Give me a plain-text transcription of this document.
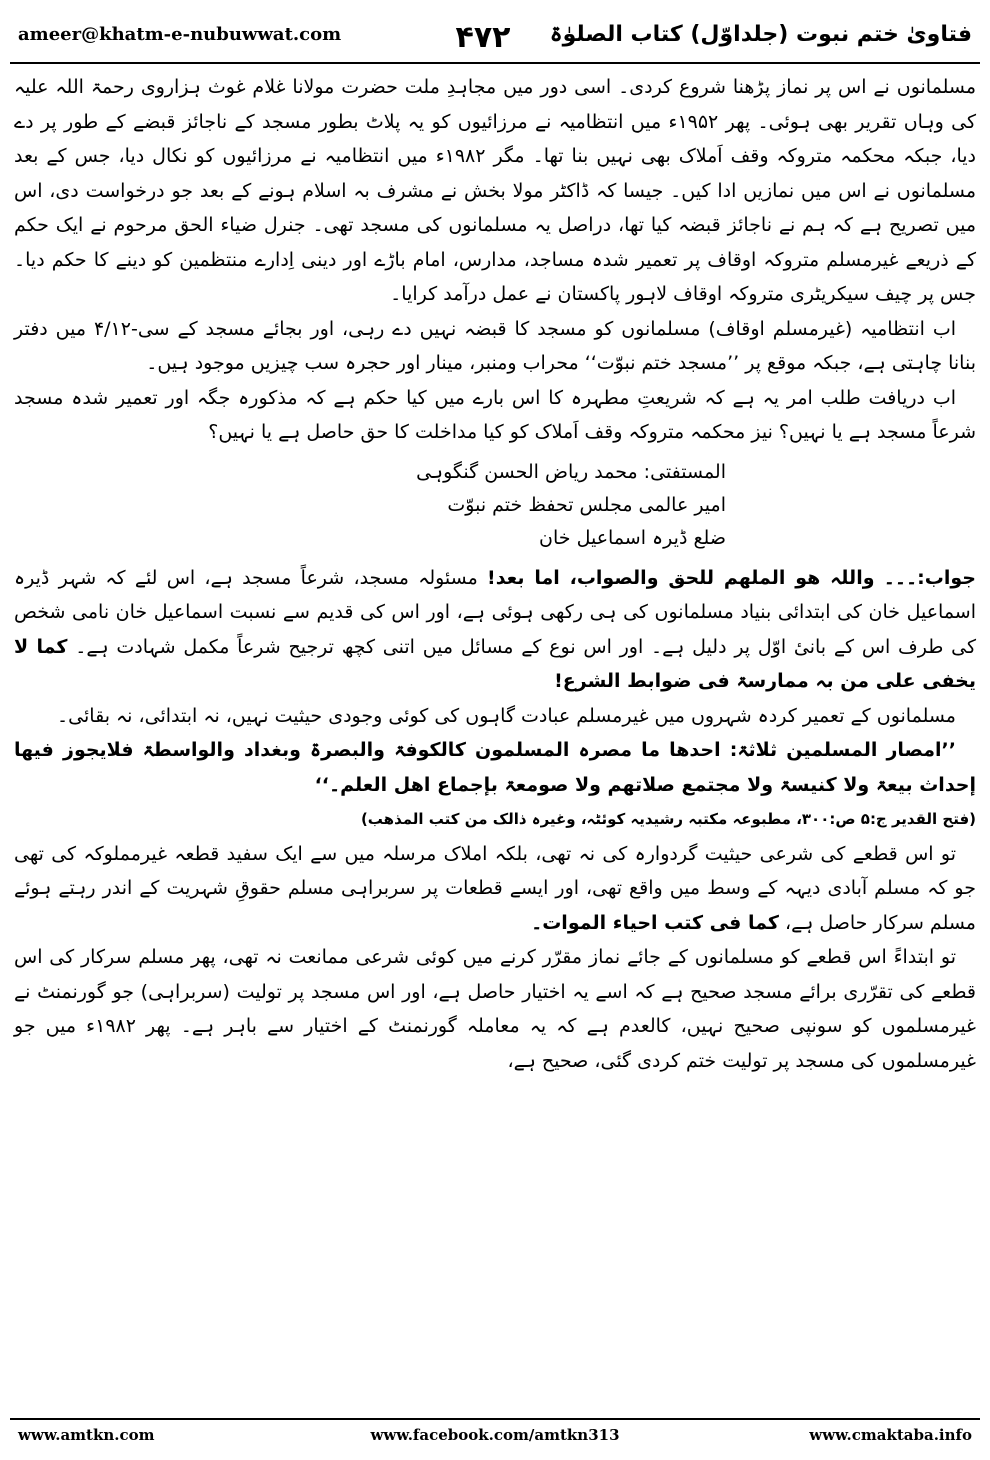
ameer@khatm-e-nubuwwat.com	۴۷۲	فتاویٰ ختم نبوت (جلداوّل) کتاب الصلوٰۃ

مسلمانوں نے اس پر نماز پڑھنا شروع کردی۔ اسی دور میں مجاہدِ ملت حضرت مولانا غلام غوث ہزاروی رحمۃ اللہ علیہ کی وہاں تقریر بھی ہوئی۔ پھر ۱۹۵۲ء میں انتظامیہ نے مرزائیوں کو یہ پلاٹ بطور مسجد کے ناجائز قبضے کے طور پر دے دیا، جبکہ محکمہ متروکہ وقف اَملاک بھی نہیں بنا تھا۔ مگر ۱۹۸۲ء میں انتظامیہ نے مرزائیوں کو نکال دیا، جس کے بعد مسلمانوں نے اس میں نمازیں ادا کیں۔ جیسا کہ ڈاکٹر مولا بخش نے مشرف بہ اسلام ہونے کے بعد جو درخواست دی، اس میں تصریح ہے کہ ہم نے ناجائز قبضہ کیا تھا، دراصل یہ مسلمانوں کی مسجد تھی۔ جنرل ضیاء الحق مرحوم نے ایک حکم کے ذریعے غیرمسلم متروکہ اوقاف پر تعمیر شدہ مساجد، مدارس، امام باڑے اور دینی اِدارے منتظمین کو دینے کا حکم دیا۔ جس پر چیف سیکریٹری متروکہ اوقاف لاہور پاکستان نے عمل درآمد کرایا۔

اب انتظامیہ (غیرمسلم اوقاف) مسلمانوں کو مسجد کا قبضہ نہیں دے رہی، اور بجائے مسجد کے سی-۴/۱۲ میں دفتر بنانا چاہتی ہے، جبکہ موقع پر ’’مسجد ختم نبوّت‘‘ محراب ومنبر، مینار اور حجرہ سب چیزیں موجود ہیں۔

اب دریافت طلب امر یہ ہے کہ شریعتِ مطہرہ کا اس بارے میں کیا حکم ہے کہ مذکورہ جگہ اور تعمیر شدہ مسجد شرعاً مسجد ہے یا نہیں؟ نیز محکمہ متروکہ وقف اَملاک کو کیا مداخلت کا حق حاصل ہے یا نہیں؟

المستفتی: محمد ریاض الحسن گنگوہی
امیر عالمی مجلس تحفظ ختم نبوّت
ضلع ڈیرہ اسماعیل خان

جواب:۔۔۔ واللہ ھو الملھم للحق والصواب، اما بعد! مسئولہ مسجد، شرعاً مسجد ہے، اس لئے کہ شہر ڈیرہ اسماعیل خان کی ابتدائی بنیاد مسلمانوں کی ہی رکھی ہوئی ہے، اور اس کی قدیم سے نسبت اسماعیل خان نامی شخص کی طرف اس کے بانیٔ اوّل پر دلیل ہے۔ اور اس نوع کے مسائل میں اتنی کچھ ترجیح شرعاً مکمل شہادت ہے۔ کما لا یخفی علی من بہ ممارسۃ فی ضوابط الشرع!

مسلمانوں کے تعمیر کردہ شہروں میں غیرمسلم عبادت گاہوں کی کوئی وجودی حیثیت نہیں، نہ ابتدائی، نہ بقائی۔

’’امصار المسلمین ثلاثۃ: احدھا ما مصرہ المسلمون کالکوفۃ والبصرۃ وبغداد والواسطۃ فلایجوز فیھا إحداث بیعۃ ولا کنیسۃ ولا مجتمع صلاتھم ولا صومعۃ بإجماع اھل العلم۔‘‘

(فتح القدیر ج:۵ ص:۳۰۰، مطبوعہ مکتبہ رشیدیہ کوئٹہ، وغیرہ ذالک من کتب المذھب)

تو اس قطعے کی شرعی حیثیت گردوارہ کی نہ تھی، بلکہ املاک مرسلہ میں سے ایک سفید قطعہ غیرمملوکہ کی تھی جو کہ مسلم آبادی دیہہ کے وسط میں واقع تھی، اور ایسے قطعات پر سربراہی مسلم حقوقِ شہریت کے اندر رہتے ہوئے مسلم سرکار حاصل ہے، کما فی کتب احیاء الموات۔

تو ابتداءً اس قطعے کو مسلمانوں کے جائے نماز مقرّر کرنے میں کوئی شرعی ممانعت نہ تھی، پھر مسلم سرکار کی اس قطعے کی تقرّری برائے مسجد صحیح ہے کہ اسے یہ اختیار حاصل ہے، اور اس مسجد پر تولیت (سربراہی) جو گورنمنٹ نے غیرمسلموں کو سونپی صحیح نہیں، کالعدم ہے کہ یہ معاملہ گورنمنٹ کے اختیار سے باہر ہے۔ پھر ۱۹۸۲ء میں جو غیرمسلموں کی مسجد پر تولیت ختم کردی گئی، صحیح ہے،

www.amtkn.com	www.facebook.com/amtkn313	www.cmaktaba.info
